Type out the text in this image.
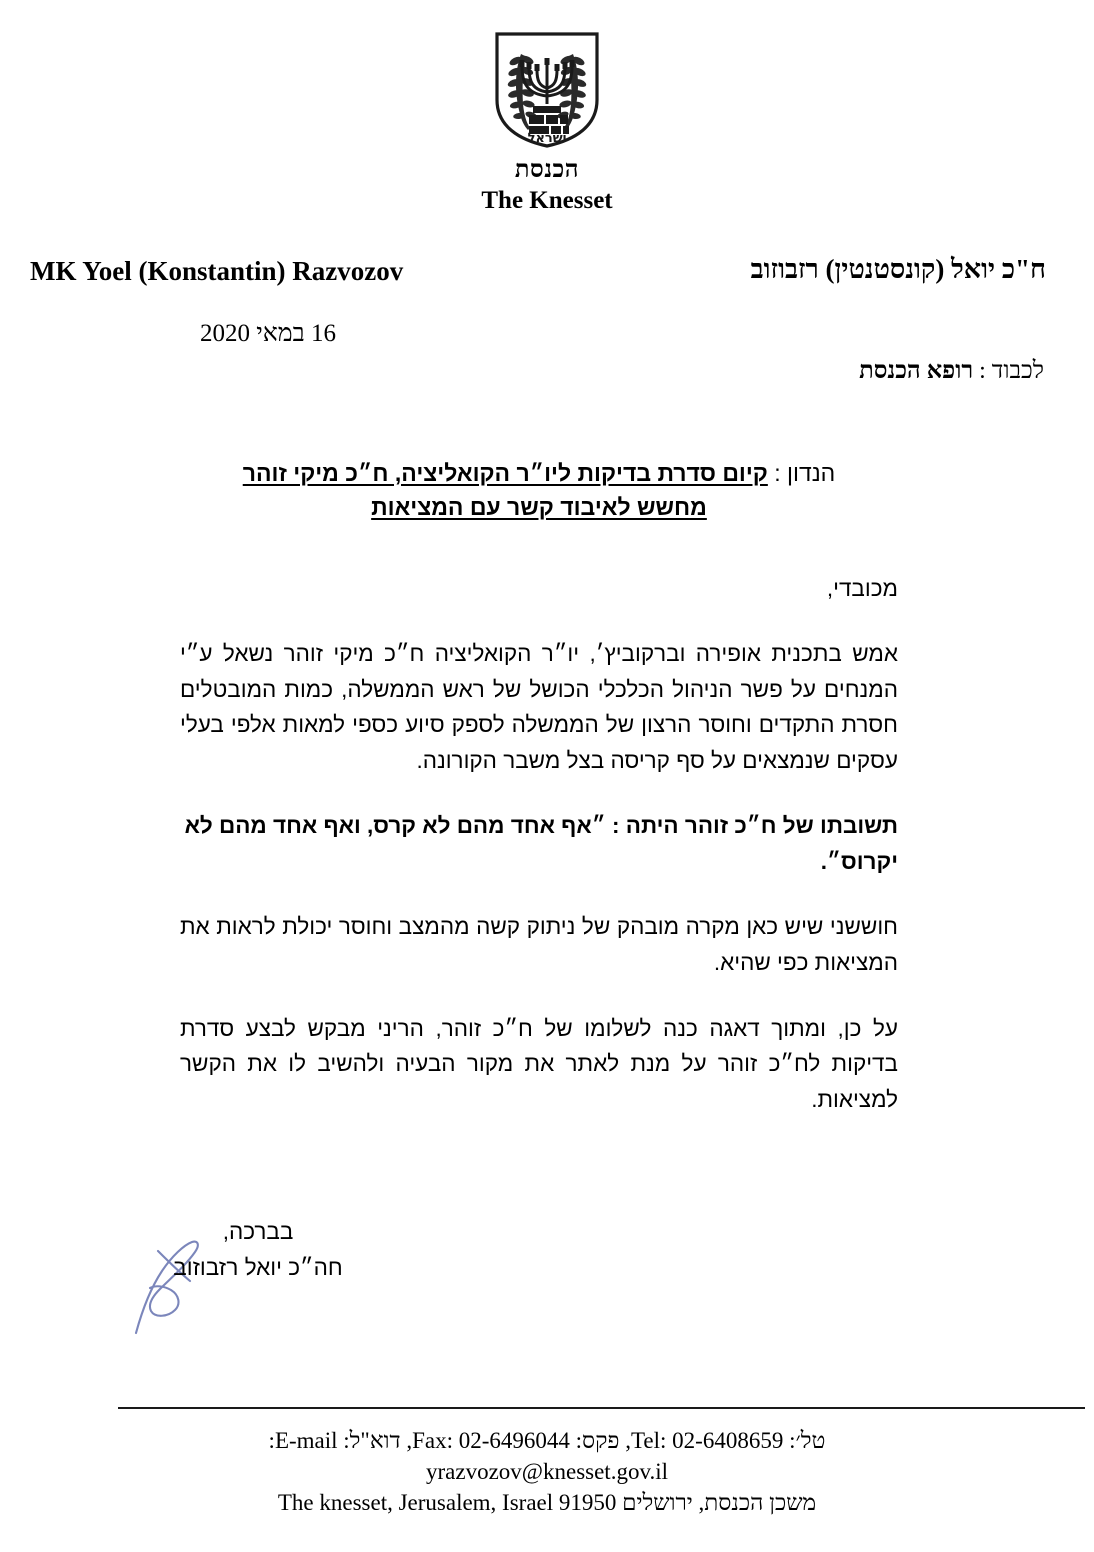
ישראל
הכנסת
The Knesset
ח"כ יואל (קונסטנטין) רזבוזוב
MK Yoel (Konstantin) Razvozov
16 במאי 2020
לכבוד : רופא הכנסת
הנדון : קיום סדרת בדיקות ליו״ר הקואליציה, ח״כ מיקי זוהר מחשש לאיבוד קשר עם המציאות
מכובדי,

אמש בתכנית אופירה וברקוביץ׳, יו״ר הקואליציה ח״כ מיקי זוהר נשאל ע״י המנחים על פשר הניהול הכלכלי הכושל של ראש הממשלה, כמות המובטלים חסרת התקדים וחוסר הרצון של הממשלה לספק סיוע כספי למאות אלפי בעלי עסקים שנמצאים על סף קריסה בצל משבר הקורונה.

תשובתו של ח״כ זוהר היתה : ״אף אחד מהם לא קרס, ואף אחד מהם לא יקרוס״.

חוששני שיש כאן מקרה מובהק של ניתוק קשה מהמצב וחוסר יכולת לראות את המציאות כפי שהיא.

על כן, ומתוך דאגה כנה לשלומו של ח״כ זוהר, הריני מבקש לבצע סדרת בדיקות לח״כ זוהר על מנת לאתר את מקור הבעיה ולהשיב לו את הקשר למציאות.

בברכה,
חה״כ יואל רזבוזוב
טל׳: Tel: 02-6408659, פקס: Fax: 02-6496044, דוא"ל: E-mail:
yrazvozov@knesset.gov.il
משכן הכנסת, ירושלים 91950 The knesset, Jerusalem, Israel
